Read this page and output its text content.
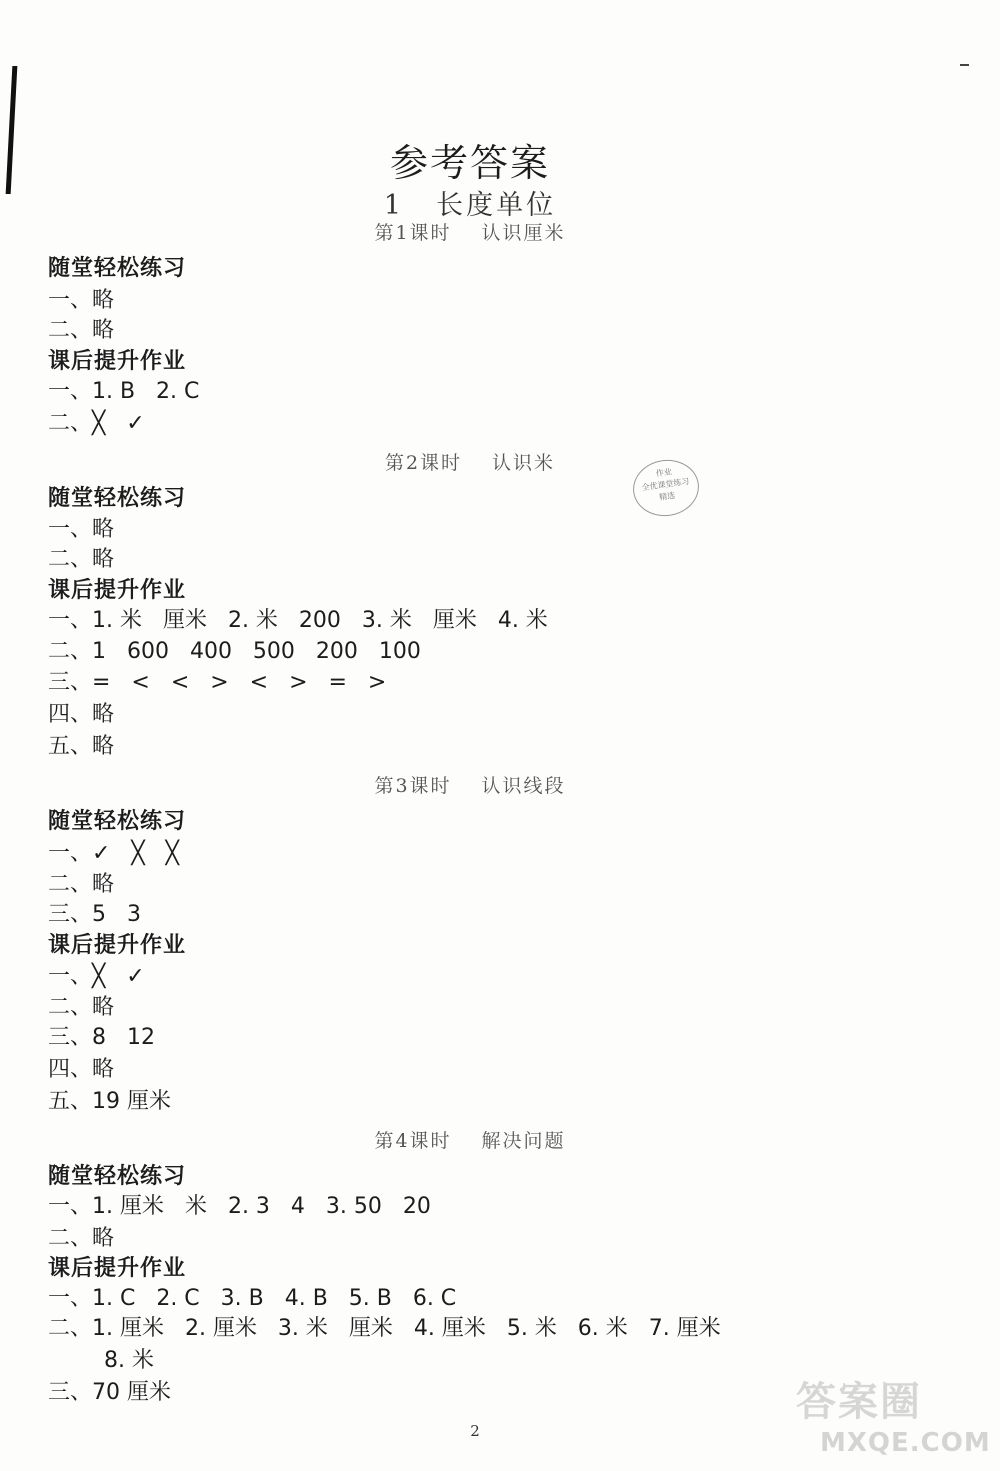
参考答案
1 长度单位
第1课时 认识厘米
随堂轻松练习
一、略
二、略
课后提升作业
一、1. B   2. C
二、╳   ✓
第2课时 认识米	作业
全优课堂练习
精选
随堂轻松练习
一、略
二、略
课后提升作业
一、1. 米   厘米   2. 米   200   3. 米   厘米   4. 米
二、1   600   400   500   200   100
三、=   <   <   >   <   >   =   >
四、略
五、略
第3课时 认识线段
随堂轻松练习
一、✓   ╳   ╳
二、略
三、5   3
课后提升作业
一、╳   ✓
二、略
三、8   12
四、略
五、19 厘米
第4课时 解决问题
随堂轻松练习
一、1. 厘米   米   2. 3   4   3. 50   20
二、略
课后提升作业
一、1. C   2. C   3. B   4. B   5. B   6. C
二、1. 厘米   2. 厘米   3. 米   厘米   4. 厘米   5. 米   6. 米   7. 厘米
8. 米
三、70 厘米
2
答案圈
MXQE.COM
